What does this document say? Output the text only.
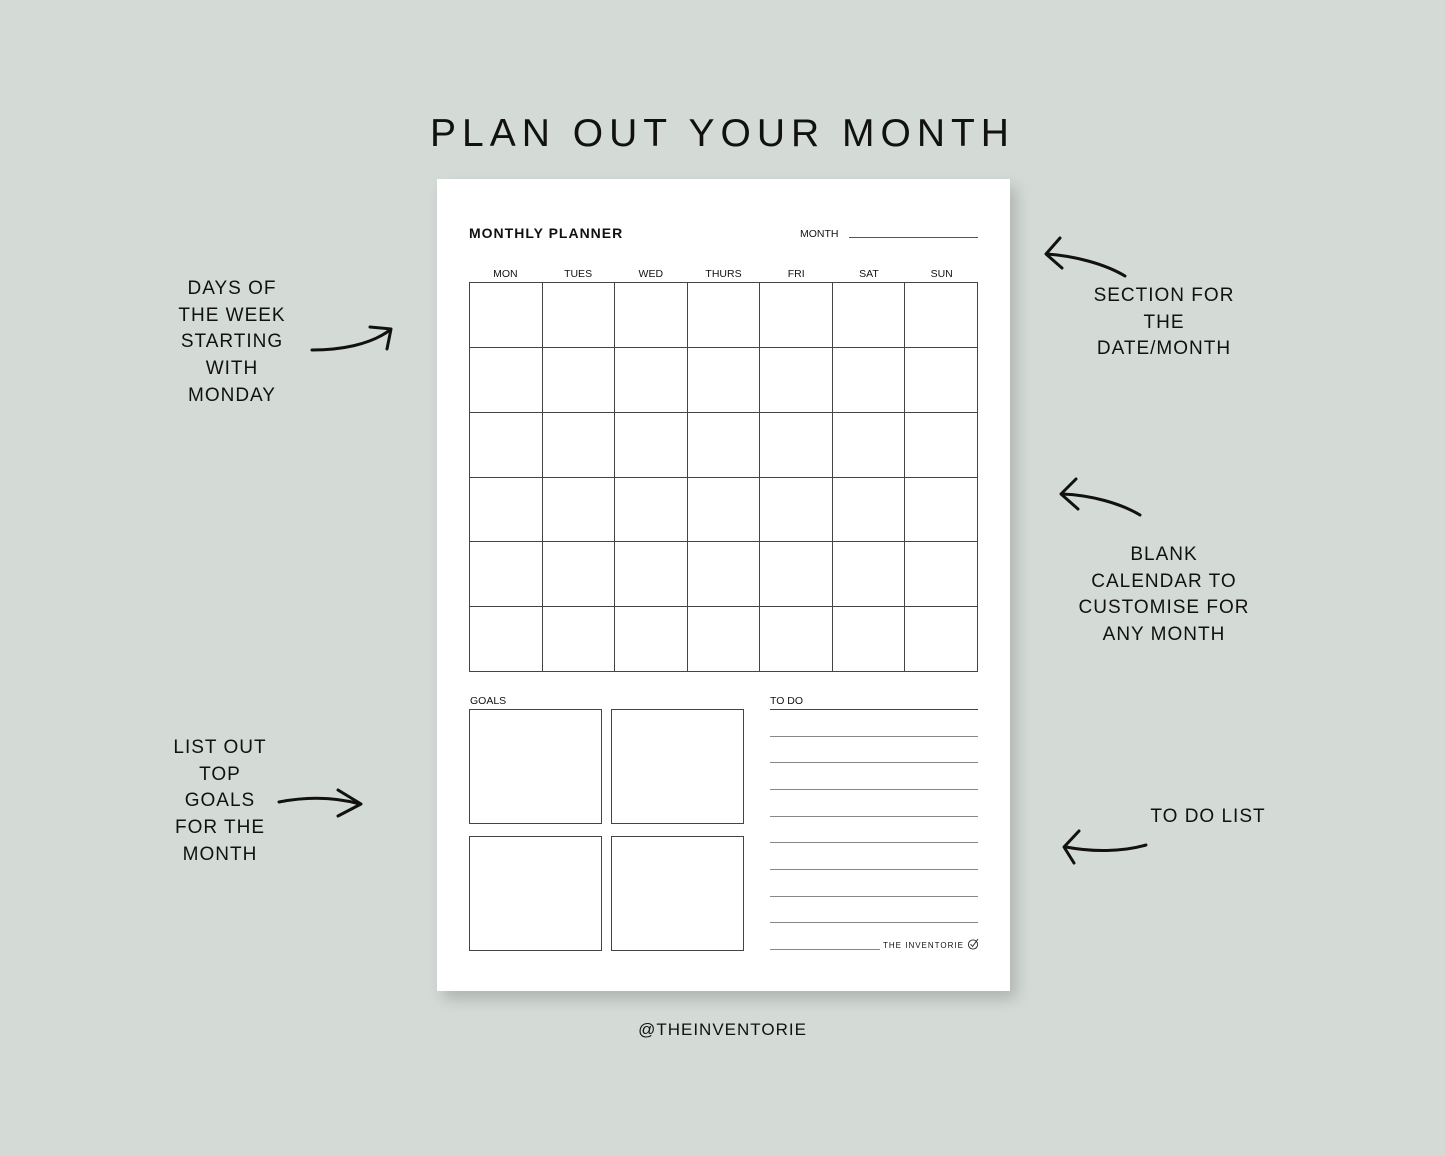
PLAN OUT YOUR MONTH
MONTHLY PLANNER	MONTH
MON	TUES	WED	THURS	FRI	SAT	SUN
GOALS	TO DO
THE INVENTORIE
DAYS OF
THE WEEK
STARTING
WITH
MONDAY
LIST OUT
TOP
GOALS
FOR THE
MONTH
SECTION FOR
THE
DATE/MONTH
BLANK
CALENDAR TO
CUSTOMISE FOR
ANY MONTH
TO DO LIST
@THEINVENTORIE
